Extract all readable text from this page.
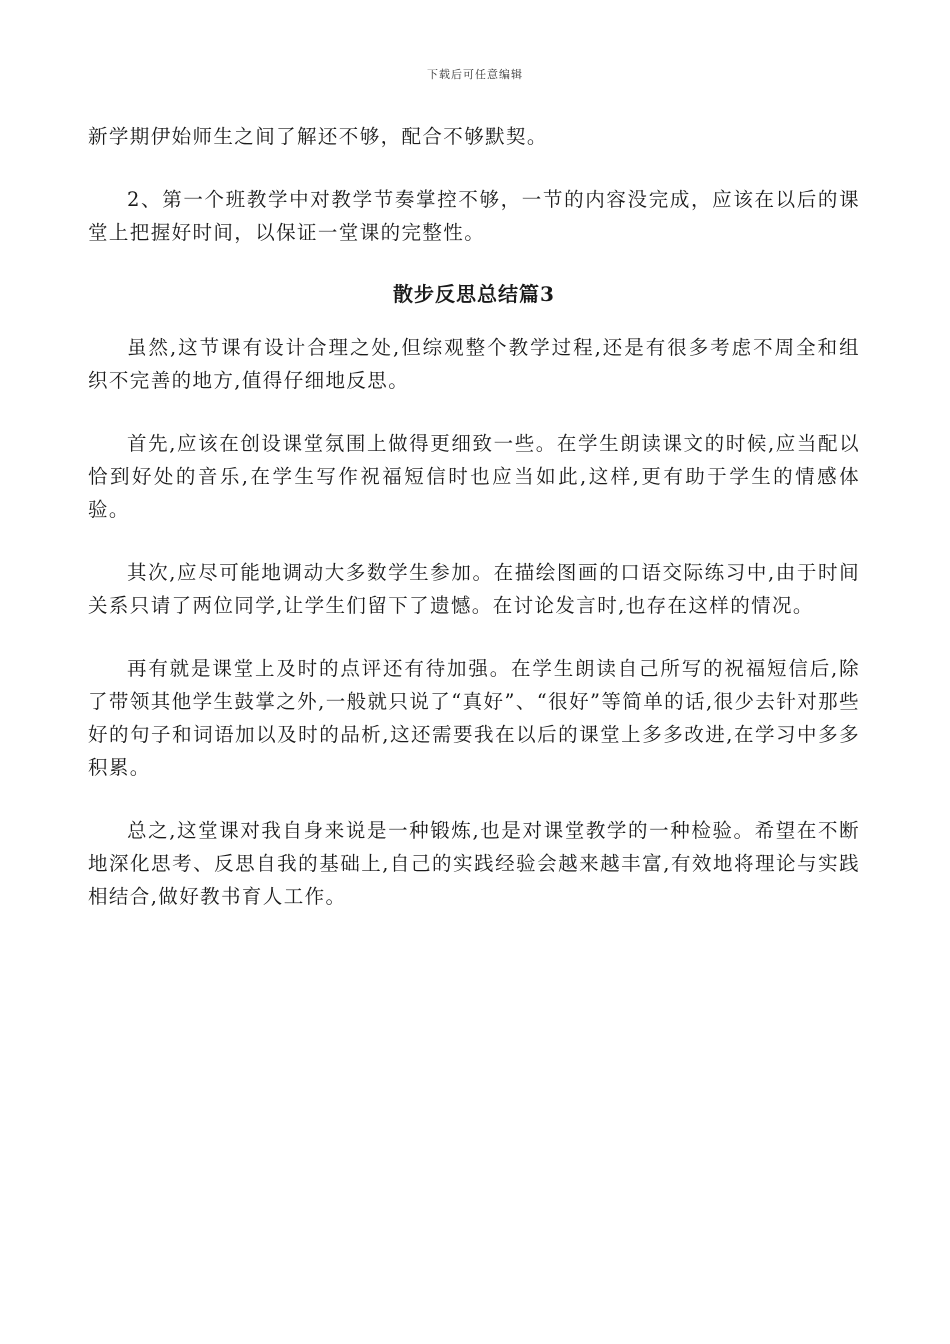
下载后可任意编辑

新学期伊始师生之间了解还不够，配合不够默契。

2、第一个班教学中对教学节奏掌控不够，一节的内容没完成，应该在以后的课堂上把握好时间，以保证一堂课的完整性。

散步反思总结篇3

虽然,这节课有设计合理之处,但综观整个教学过程,还是有很多考虑不周全和组织不完善的地方,值得仔细地反思。

首先,应该在创设课堂氛围上做得更细致一些。在学生朗读课文的时候,应当配以恰到好处的音乐,在学生写作祝福短信时也应当如此,这样,更有助于学生的情感体验。

其次,应尽可能地调动大多数学生参加。在描绘图画的口语交际练习中,由于时间关系只请了两位同学,让学生们留下了遗憾。在讨论发言时,也存在这样的情况。

再有就是课堂上及时的点评还有待加强。在学生朗读自己所写的祝福短信后,除了带领其他学生鼓掌之外,一般就只说了“真好”、“很好”等简单的话,很少去针对那些好的句子和词语加以及时的品析,这还需要我在以后的课堂上多多改进,在学习中多多积累。

总之,这堂课对我自身来说是一种锻炼,也是对课堂教学的一种检验。希望在不断地深化思考、反思自我的基础上,自己的实践经验会越来越丰富,有效地将理论与实践相结合,做好教书育人工作。
